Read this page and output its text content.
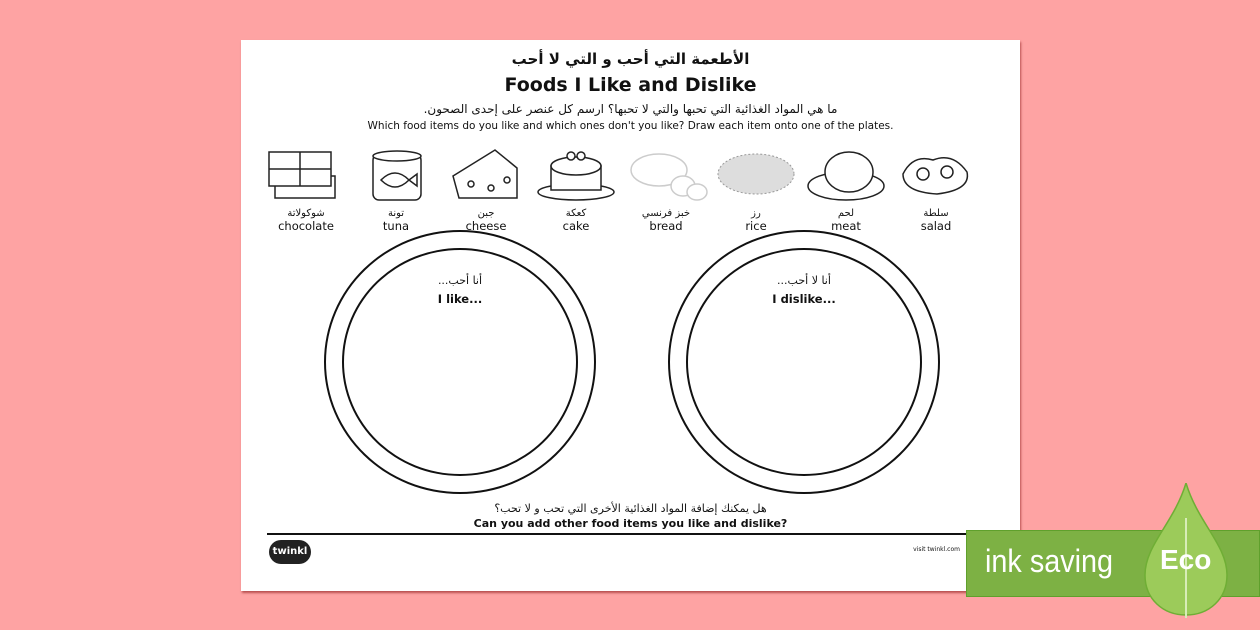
الأطعمة التي أحب و التي لا أحب
Foods I Like and Dislike
ما هي المواد الغذائية التي تحبها والتي لا تحبها؟ ارسم كل عنصر على إحدى الصحون.
Which food items do you like and which ones don't you like? Draw each item onto one of the plates.
شوكولاتة
chocolate
تونة
tuna
جبن
cheese
كعكة
cake
خبز فرنسي
bread
رز
rice
لحم
meat
سلطة
salad
أنا أحب...
I like...
أنا لا أحب...
I dislike...
هل يمكنك إضافة المواد الغذائية الأخرى التي تحب و لا تحب؟
Can you add other food items you like and dislike?
twinkl	visit twinkl.com ink saving Eco
